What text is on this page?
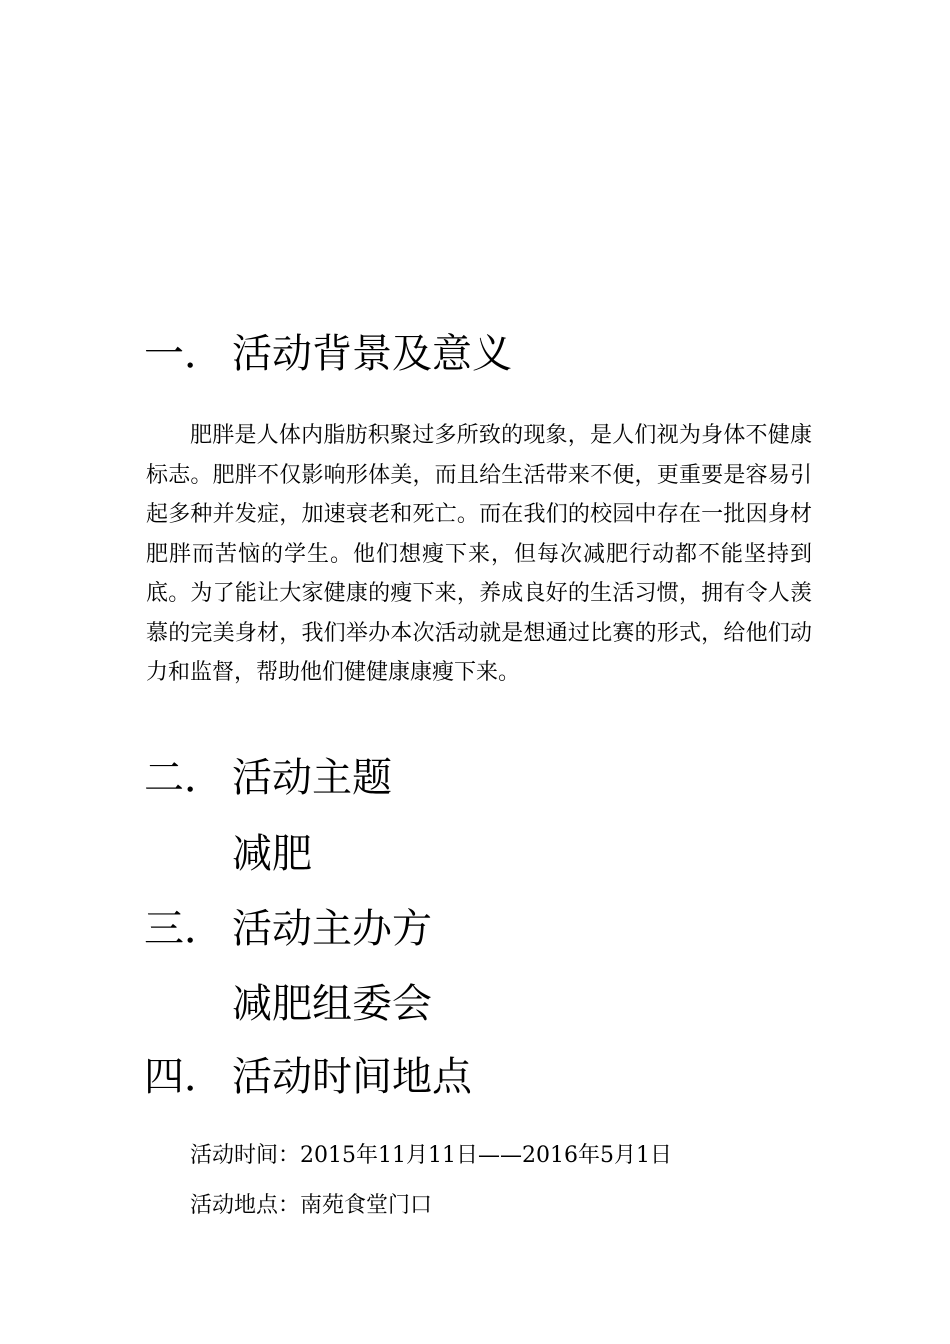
一． 活动背景及意义

肥胖是人体内脂肪积聚过多所致的现象，是人们视为身体不健康标志。肥胖不仅影响形体美，而且给生活带来不便，更重要是容易引起多种并发症，加速衰老和死亡。而在我们的校园中存在一批因身材肥胖而苦恼的学生。他们想瘦下来，但每次减肥行动都不能坚持到底。为了能让大家健康的瘦下来，养成良好的生活习惯，拥有令人羡慕的完美身材，我们举办本次活动就是想通过比赛的形式，给他们动力和监督，帮助他们健健康康瘦下来。

二． 活动主题
减肥
三． 活动主办方
减肥组委会
四． 活动时间地点
活动时间：2015年11月11日——2016年5月1日
活动地点：南苑食堂门口
